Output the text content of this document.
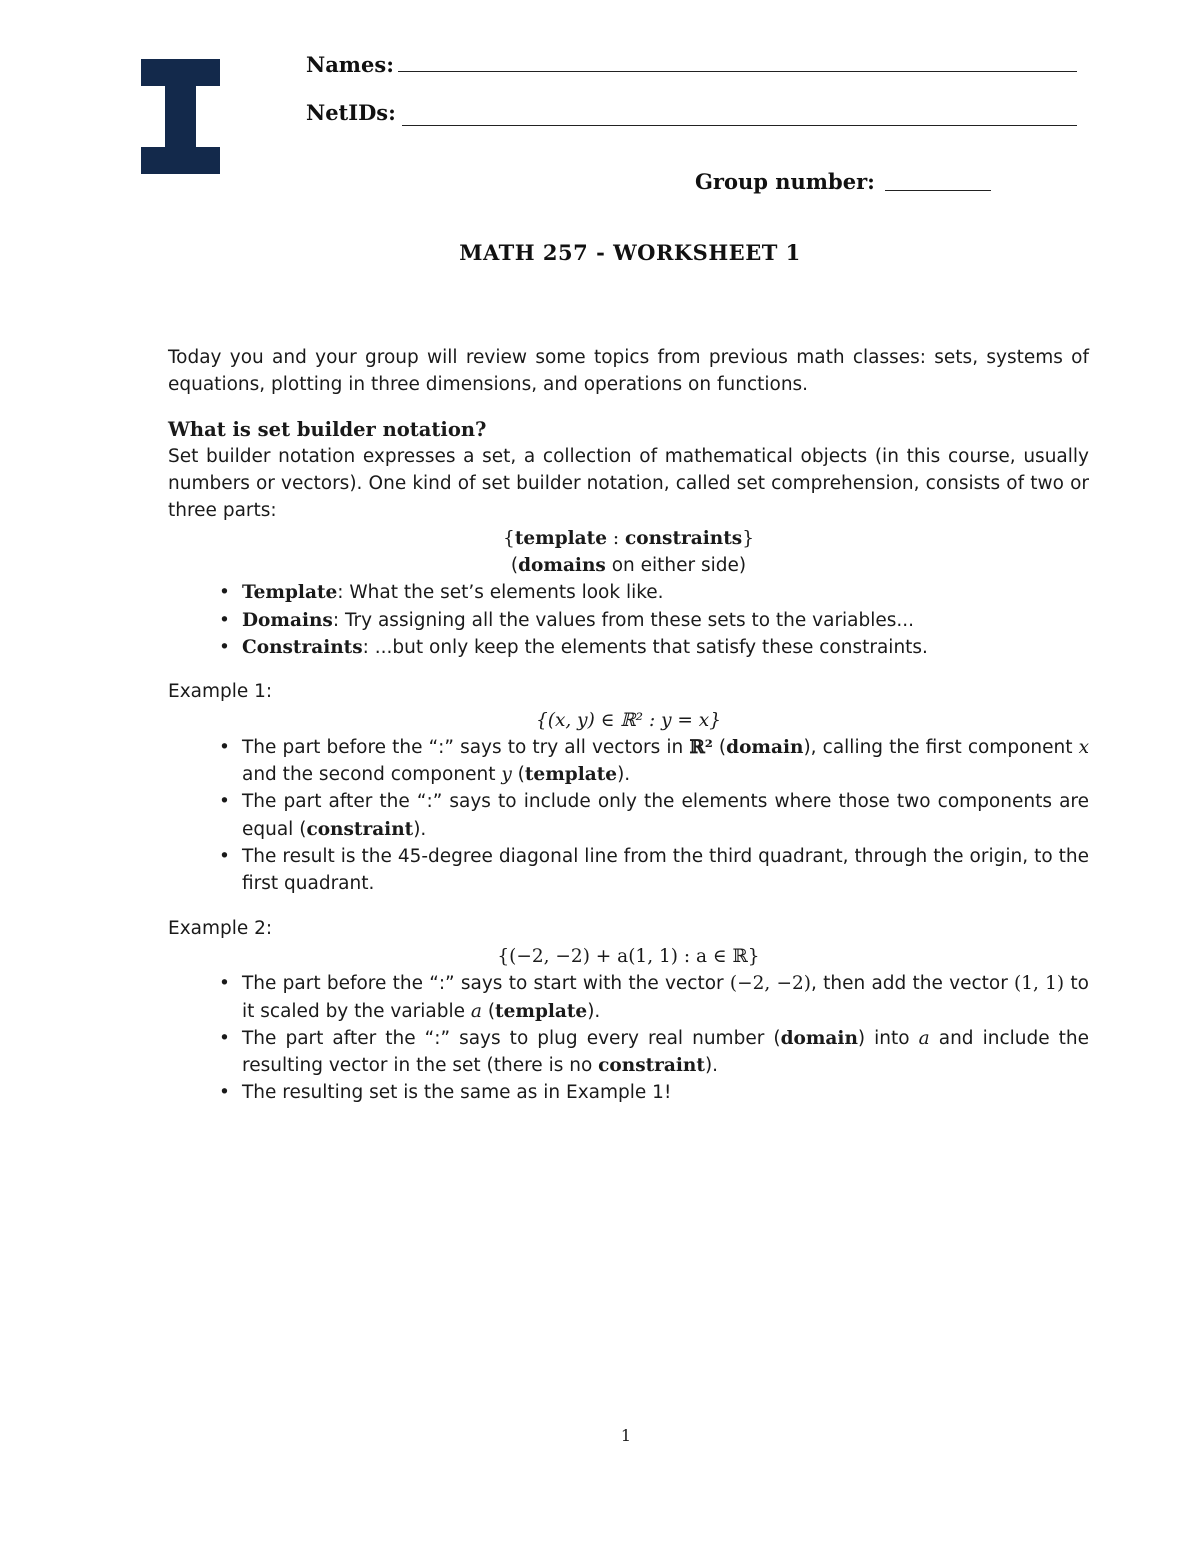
Names:
NetIDs:
Group number:
MATH 257 - WORKSHEET 1

Today you and your group will review some topics from previous math classes: sets, systems of equations, plotting in three dimensions, and operations on functions.

What is set builder notation?

Set builder notation expresses a set, a collection of mathematical objects (in this course, usually numbers or vectors). One kind of set builder notation, called set comprehension, consists of two or three parts:

{template : constraints}
(domains on either side)
• Template: What the set’s elements look like.
• Domains: Try assigning all the values from these sets to the variables...
• Constraints: ...but only keep the elements that satisfy these constraints.
Example 1:
{(x, y) ∈ ℝ² : y = x}
• The part before the “:” says to try all vectors in ℝ² (domain), calling the first component x and the second component y (template).
• The part after the “:” says to include only the elements where those two components are equal (constraint).
• The result is the 45-degree diagonal line from the third quadrant, through the origin, to the first quadrant.
Example 2:
{(−2, −2) + a(1, 1) : a ∈ ℝ}
• The part before the “:” says to start with the vector (−2, −2), then add the vector (1, 1) to it scaled by the variable a (template).
• The part after the “:” says to plug every real number (domain) into a and include the resulting vector in the set (there is no constraint).
• The resulting set is the same as in Example 1!
1
